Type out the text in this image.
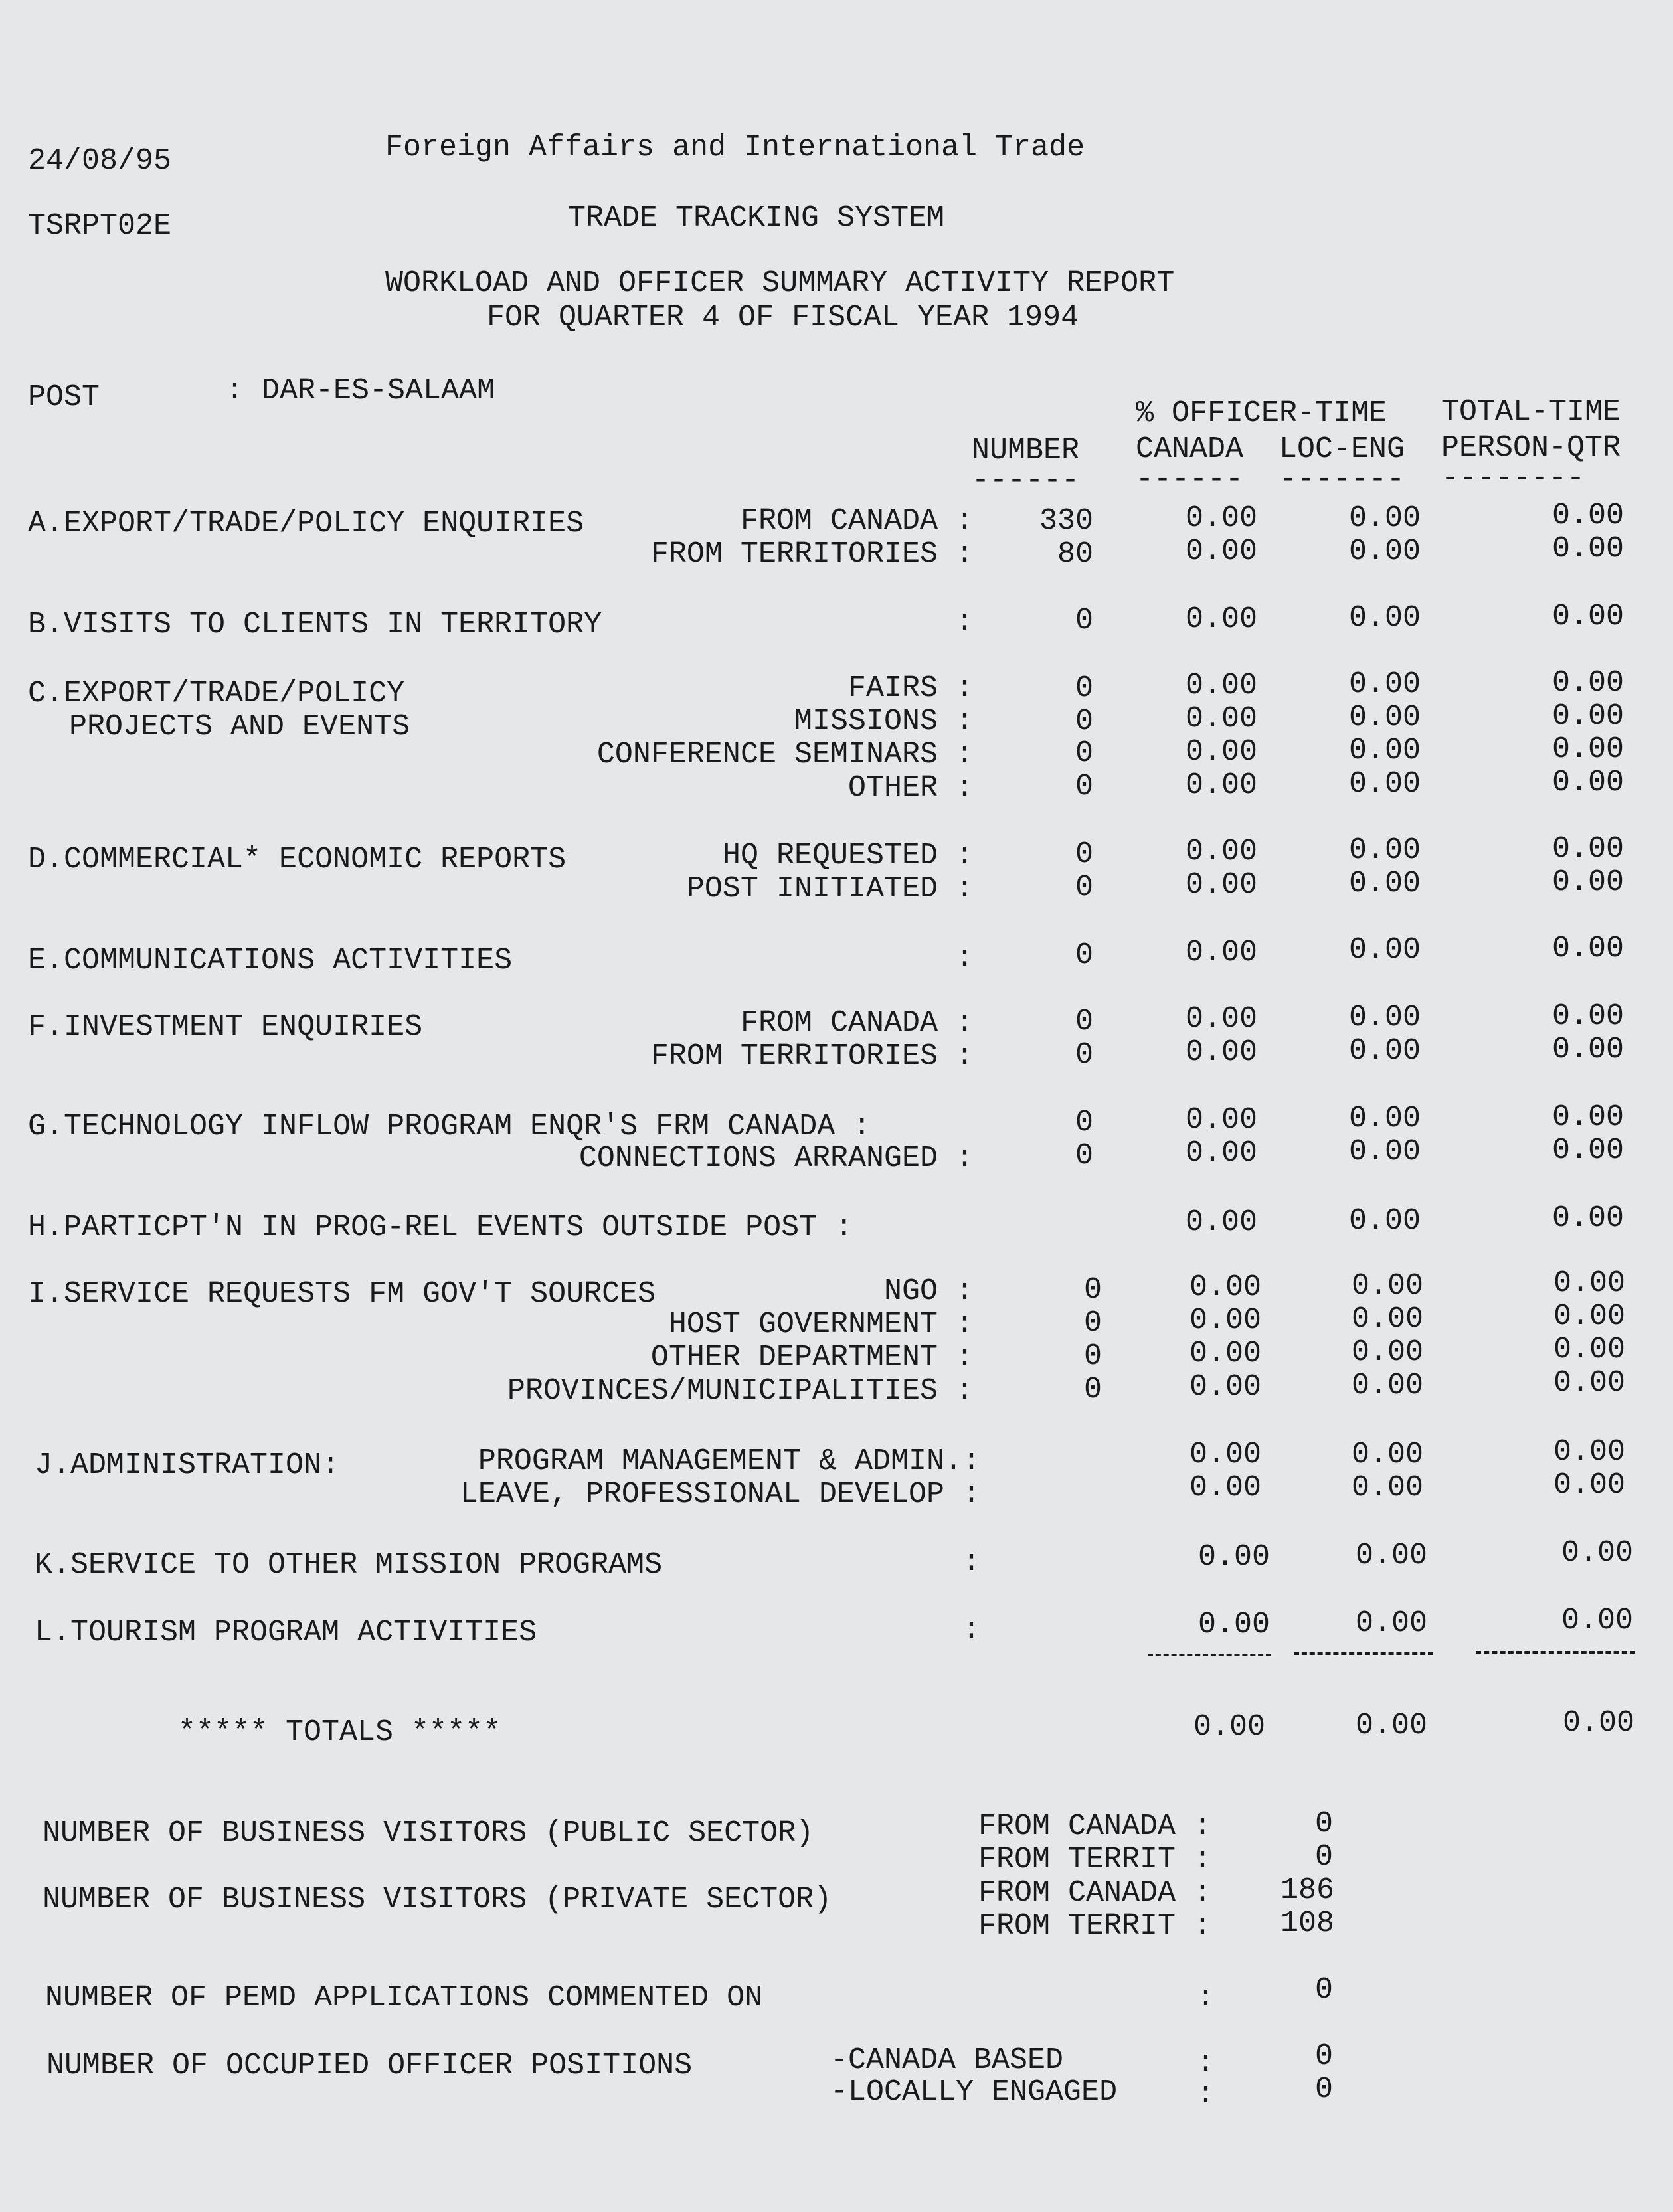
24/08/95	Foreign Affairs and International Trade
TSRPT02E	TRADE TRACKING SYSTEM
WORKLOAD AND OFFICER SUMMARY ACTIVITY REPORT
FOR QUARTER 4 OF FISCAL YEAR 1994
POST	: DAR-ES-SALAAM
% OFFICER-TIME TOTAL-TIME
NUMBER CANADA LOC-ENG PERSON-QTR
------ ------ ------- --------
A.EXPORT/TRADE/POLICY ENQUIRIES	FROM CANADA : 330	0.00	0.00	0.00
FROM TERRITORIES :	80	0.00	0.00	0.00
B.VISITS TO CLIENTS IN TERRITORY	:	0	0.00	0.00	0.00
C.EXPORT/TRADE/POLICY
PROJECTS AND EVENTS
FAIRS :	0	0.00	0.00	0.00
MISSIONS :	0	0.00	0.00	0.00
CONFERENCE SEMINARS :	0	0.00	0.00	0.00
OTHER :	0	0.00	0.00	0.00
D.COMMERCIAL* ECONOMIC REPORTS	HQ REQUESTED :	0	0.00	0.00	0.00
POST INITIATED :	0	0.00	0.00	0.00
E.COMMUNICATIONS ACTIVITIES	:	0	0.00	0.00	0.00
F.INVESTMENT ENQUIRIES	FROM CANADA :	0	0.00	0.00	0.00
FROM TERRITORIES :	0	0.00	0.00	0.00
G.TECHNOLOGY INFLOW PROGRAM ENQR'S FRM CANADA :	0	0.00	0.00	0.00
CONNECTIONS ARRANGED :	0	0.00	0.00	0.00
H.PARTICPT'N IN PROG-REL EVENTS OUTSIDE POST :	0.00	0.00	0.00
I.SERVICE REQUESTS FM GOV'T SOURCES	NGO :	0	0.00	0.00	0.00
HOST GOVERNMENT :	0	0.00	0.00	0.00
OTHER DEPARTMENT :	0	0.00	0.00	0.00
PROVINCES/MUNICIPALITIES :	0	0.00	0.00	0.00
J.ADMINISTRATION:	PROGRAM MANAGEMENT & ADMIN.:	0.00	0.00	0.00
LEAVE, PROFESSIONAL DEVELOP :	0.00	0.00	0.00
K.SERVICE TO OTHER MISSION PROGRAMS	:	0.00	0.00	0.00
L.TOURISM PROGRAM ACTIVITIES	:	0.00	0.00	0.00
***** TOTALS *****	0.00	0.00	0.00
NUMBER OF BUSINESS VISITORS (PUBLIC SECTOR)	FROM CANADA :	0
FROM TERRIT :	0
NUMBER OF BUSINESS VISITORS (PRIVATE SECTOR)	FROM CANADA : 186
FROM TERRIT : 108
NUMBER OF PEMD APPLICATIONS COMMENTED ON	:	0
NUMBER OF OCCUPIED OFFICER POSITIONS	-CANADA BASED	:	0
-LOCALLY ENGAGED	:	0
